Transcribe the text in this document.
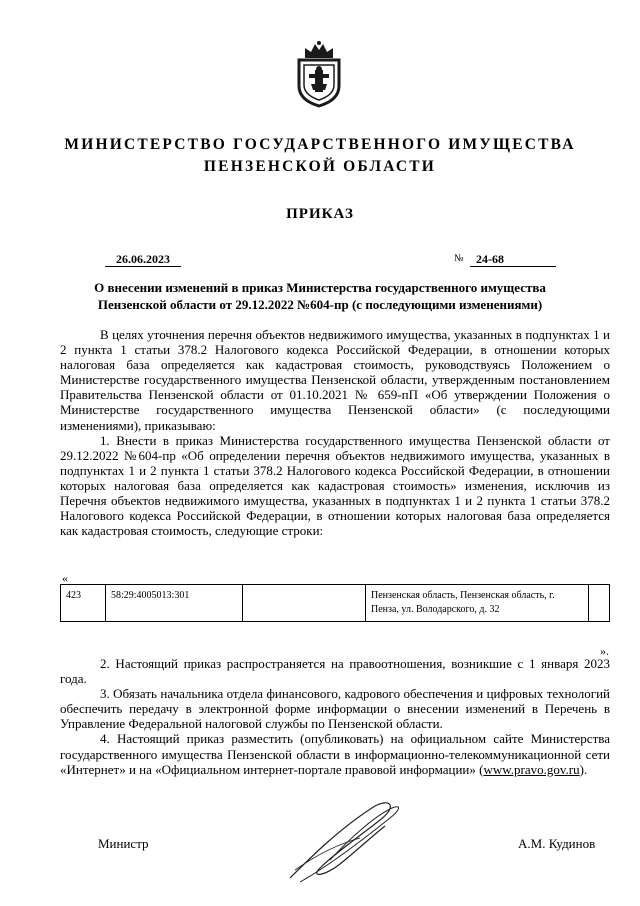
МИНИСТЕРСТВО ГОСУДАРСТВЕННОГО ИМУЩЕСТВА
ПЕНЗЕНСКОЙ ОБЛАСТИ
ПРИКАЗ
26.06.2023	№	24-68
О внесении изменений в приказ Министерства государственного имущества
Пензенской области от 29.12.2022 №604-пр (с последующими изменениями)

В целях уточнения перечня объектов недвижимого имущества, указанных в подпунктах 1 и 2 пункта 1 статьи 378.2 Налогового кодекса Российской Федерации, в отношении которых налоговая база определяется как кадастровая стоимость, руководствуясь Положением о Министерстве государственного имущества Пензенской области, утвержденным постановлением Правительства Пензенской области от 01.10.2021 № 659-пП «Об утверждении Положения о Министерстве государственного имущества Пензенской области» (с последующими изменениями), приказываю:

1. Внести в приказ Министерства государственного имущества Пензенской области от 29.12.2022 №604-пр «Об определении перечня объектов недвижимого имущества, указанных в подпунктах 1 и 2 пункта 1 статьи 378.2 Налогового кодекса Российской Федерации, в отношении которых налоговая база определяется как кадастровая стоимость» изменения, исключив из Перечня объектов недвижимого имущества, указанных в подпунктах 1 и 2 пункта 1 статьи 378.2 Налогового кодекса Российской Федерации, в отношении которых налоговая база определяется как кадастровая стоимость, следующие строки:

«
423	58:29:4005013:301		Пензенская область, Пензенская область, г. Пенза, ул. Володарского, д. 32	
».

2. Настоящий приказ распространяется на правоотношения, возникшие с 1 января 2023 года.

3. Обязать начальника отдела финансового, кадрового обеспечения и цифровых технологий обеспечить передачу в электронной форме информации о внесении изменений в Перечень в Управление Федеральной налоговой службы по Пензенской области.

4. Настоящий приказ разместить (опубликовать) на официальном сайте Министерства государственного имущества Пензенской области в информационно-телекоммуникационной сети «Интернет» и на «Официальном интернет-портале правовой информации» (www.pravo.gov.ru).

Министр	А.М. Кудинов
